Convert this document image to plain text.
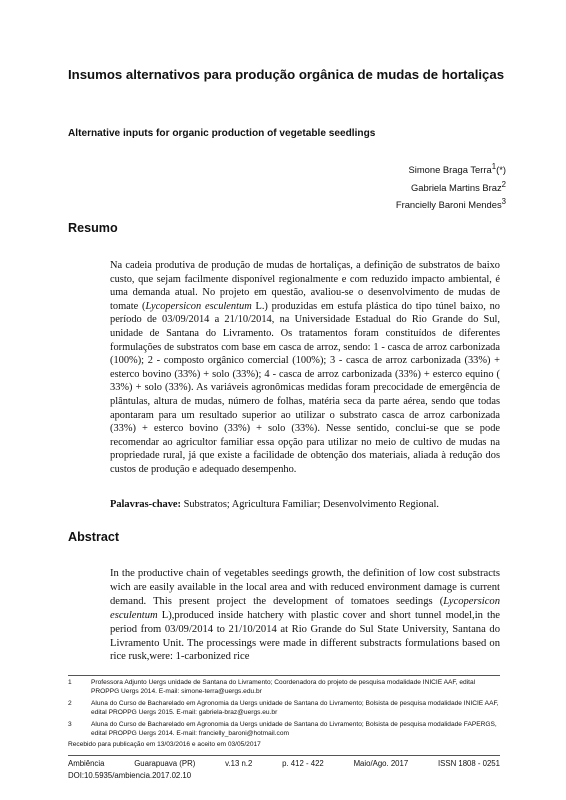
Insumos alternativos para produção orgânica de mudas de hortaliças
Alternative inputs for organic production of vegetable seedlings
Simone Braga Terra$^1$(*)
Gabriela Martins Braz$^2$
Francielly Baroni Mendes$^3$
Resumo
Na cadeia produtiva de produção de mudas de hortaliças, a definição de substratos de baixo custo, que sejam facilmente disponível regionalmente e com reduzido impacto ambiental, é uma demanda atual. No projeto em questão, avaliou-se o desenvolvimento de mudas de tomate (Lycopersicon esculentum L.) produzidas em estufa plástica do tipo túnel baixo, no período de 03/09/2014 a 21/10/2014, na Universidade Estadual do Rio Grande do Sul, unidade de Santana do Livramento. Os tratamentos foram constituídos de diferentes formulações de substratos com base em casca de arroz, sendo: 1 - casca de arroz carbonizada (100%); 2 - composto orgânico comercial (100%); 3 - casca de arroz carbonizada (33%) + esterco bovino (33%) + solo (33%); 4 - casca de arroz carbonizada (33%) + esterco equino ( 33%) + solo (33%). As variáveis agronômicas medidas foram precocidade de emergência de plântulas, altura de mudas, número de folhas, matéria seca da parte aérea, sendo que todas apontaram para um resultado superior ao utilizar o substrato casca de arroz carbonizada (33%) + esterco bovino (33%) + solo (33%). Nesse sentido, conclui-se que se pode recomendar ao agricultor familiar essa opção para utilizar no meio de cultivo de mudas na propriedade rural, já que existe a facilidade de obtenção dos materiais, aliada à redução dos custos de produção e adequado desempenho.
Palavras-chave: Substratos; Agricultura Familiar; Desenvolvimento Regional.
Abstract
In the productive chain of vegetables seedings growth, the definition of low cost substracts wich are easily available in the local area and with reduced environment damage is current demand. This present project the development of tomatoes seedings (Lycopersicon esculentum L),produced inside hatchery with plastic cover and short tunnel model,in the period from 03/09/2014 to 21/10/2014 at Rio Grande do Sul State University, Santana do Livramento Unit. The processings were made in different substracts formulations based on rice rusk,were: 1-carbonized rice
1	Professora Adjunto Uergs unidade de Santana do Livramento; Coordenadora do projeto de pesquisa modalidade INICIE AAF, edital PROPPG Uergs 2014. E-mail: simone-terra@uergs.edu.br
2	Aluna do Curso de Bacharelado em Agronomia da Uergs unidade de Santana do Livramento; Bolsista de pesquisa modalidade INICIE AAF, edital PROPPG Uergs 2015. E-mail: gabriela-braz@uergs.eu.br
3	Aluna do Curso de Bacharelado em Agronomia da Uergs unidade de Santana do Livramento; Bolsista de pesquisa modalidade FAPERGS, edital PROPPG Uergs 2014. E-mail: francielly_baroni@hotmail.com
Recebido para publicação em 13/03/2016 e aceito em 03/05/2017
Ambiência	Guarapuava (PR)	v.13 n.2	p. 412 - 422	Maio/Ago. 2017	ISSN 1808 - 0251
DOI:10.5935/ambiencia.2017.02.10
